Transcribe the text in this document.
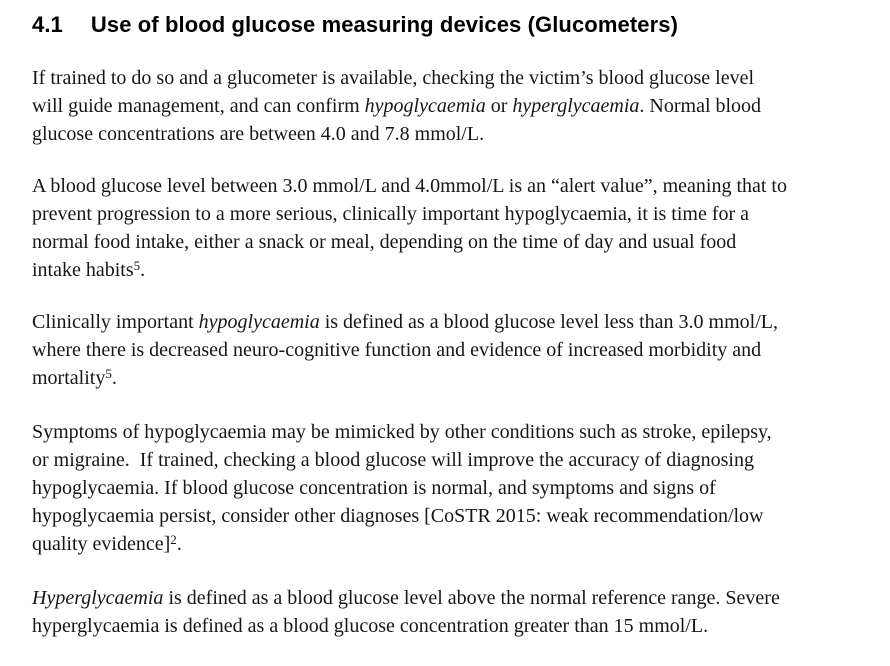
4.1 Use of blood glucose measuring devices (Glucometers)
If trained to do so and a glucometer is available, checking the victim’s blood glucose level
will guide management, and can confirm hypoglycaemia or hyperglycaemia. Normal blood
glucose concentrations are between 4.0 and 7.8 mmol/L.
A blood glucose level between 3.0 mmol/L and 4.0mmol/L is an “alert value”, meaning that to
prevent progression to a more serious, clinically important hypoglycaemia, it is time for a
normal food intake, either a snack or meal, depending on the time of day and usual food
intake habits$^5$.
Clinically important hypoglycaemia is defined as a blood glucose level less than 3.0 mmol/L,
where there is decreased neuro-cognitive function and evidence of increased morbidity and
mortality$^5$.
Symptoms of hypoglycaemia may be mimicked by other conditions such as stroke, epilepsy,
or migraine.  If trained, checking a blood glucose will improve the accuracy of diagnosing
hypoglycaemia. If blood glucose concentration is normal, and symptoms and signs of
hypoglycaemia persist, consider other diagnoses [CoSTR 2015: weak recommendation/low
quality evidence]$^2$.
Hyperglycaemia is defined as a blood glucose level above the normal reference range. Severe
hyperglycaemia is defined as a blood glucose concentration greater than 15 mmol/L.
